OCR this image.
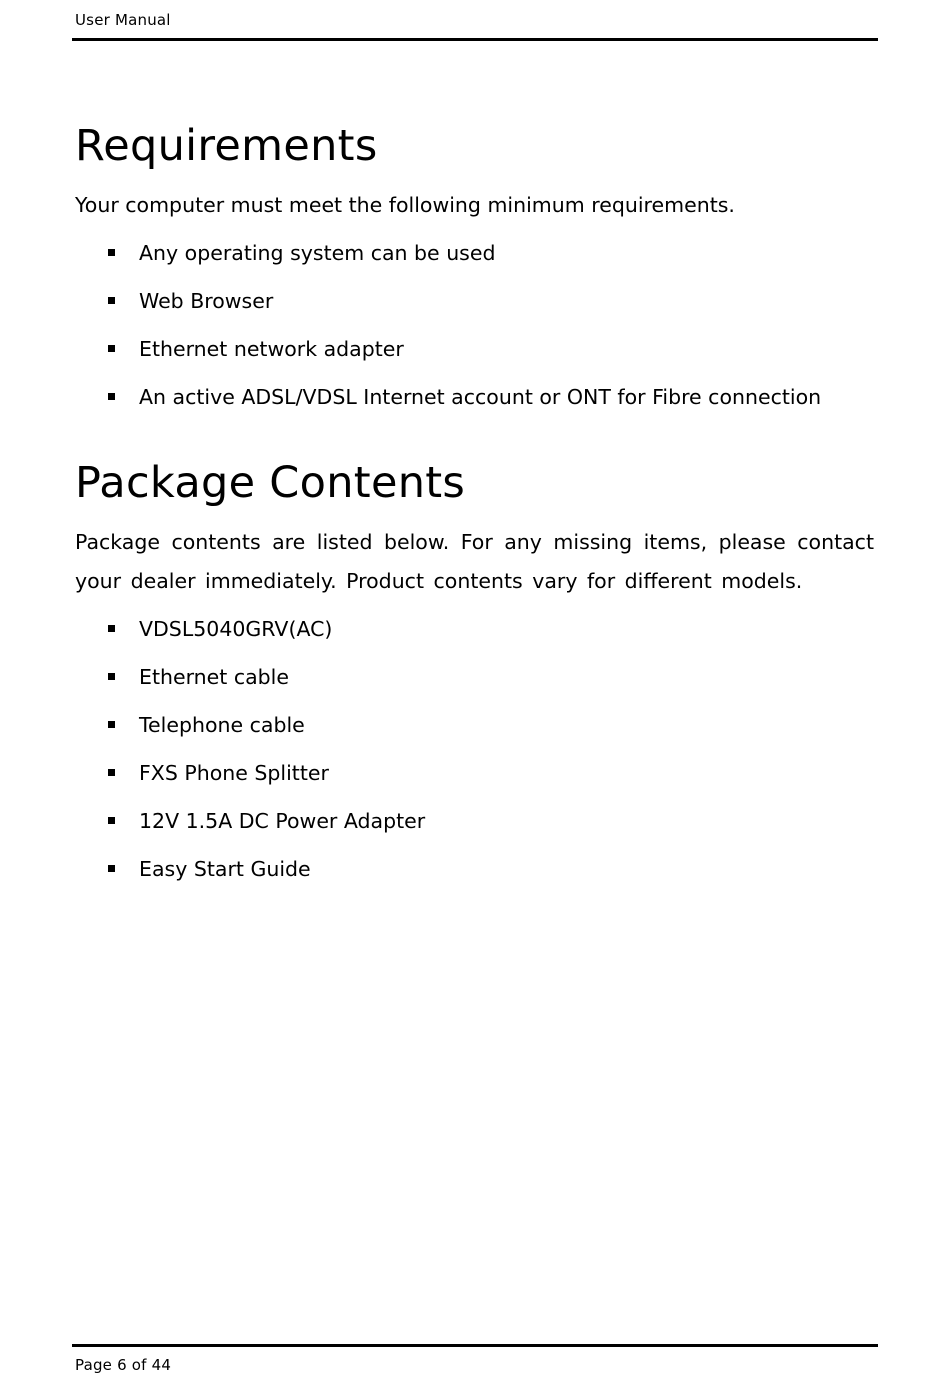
User Manual
Requirements

Your computer must meet the following minimum requirements.

Any operating system can be used
Web Browser
Ethernet network adapter
An active ADSL/VDSL Internet account or ONT for Fibre connection
Package Contents

Package contents are listed below. For any missing items, please contact your dealer immediately. Product contents vary for different models.

VDSL5040GRV(AC)
Ethernet cable
Telephone cable
FXS Phone Splitter
12V 1.5A DC Power Adapter
Easy Start Guide
Page 6 of 44
